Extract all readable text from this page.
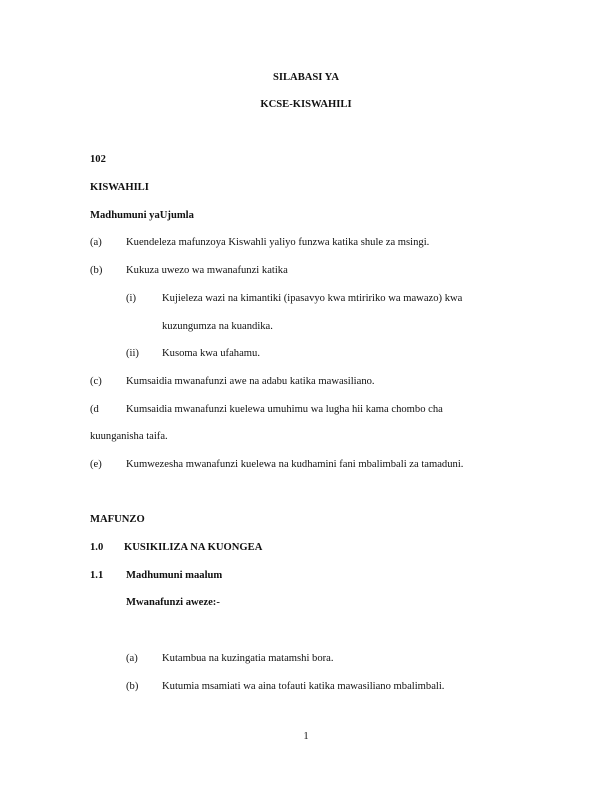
SILABASI YA
KCSE-KISWAHILI
102
KISWAHILI
Madhumuni yaUjumla
(a) Kuendeleza mafunzoya Kiswahli yaliyo funzwa katika shule za msingi.
(b) Kukuza uwezo wa mwanafunzi katika
(i) Kujieleza wazi na kimantiki (ipasavyo kwa mtiririko wa mawazo) kwa
kuzungumza na kuandika.
(ii) Kusoma kwa ufahamu.
(c) Kumsaidia mwanafunzi awe na adabu katika mawasiliano.
(d	Kumsaidia mwanafunzi kuelewa umuhimu wa lugha hii kama chombo cha
kuunganisha taifa.
(e) Kumwezesha mwanafunzi kuelewa na kudhamini fani mbalimbali za tamaduni.
MAFUNZO
1.0 KUSIKILIZA NA KUONGEA
1.1 Madhumuni maalum
Mwanafunzi aweze:-
(a) Kutambua na kuzingatia matamshi bora.
(b) Kutumia msamiati wa aina tofauti katika mawasiliano mbalimbali.
1
